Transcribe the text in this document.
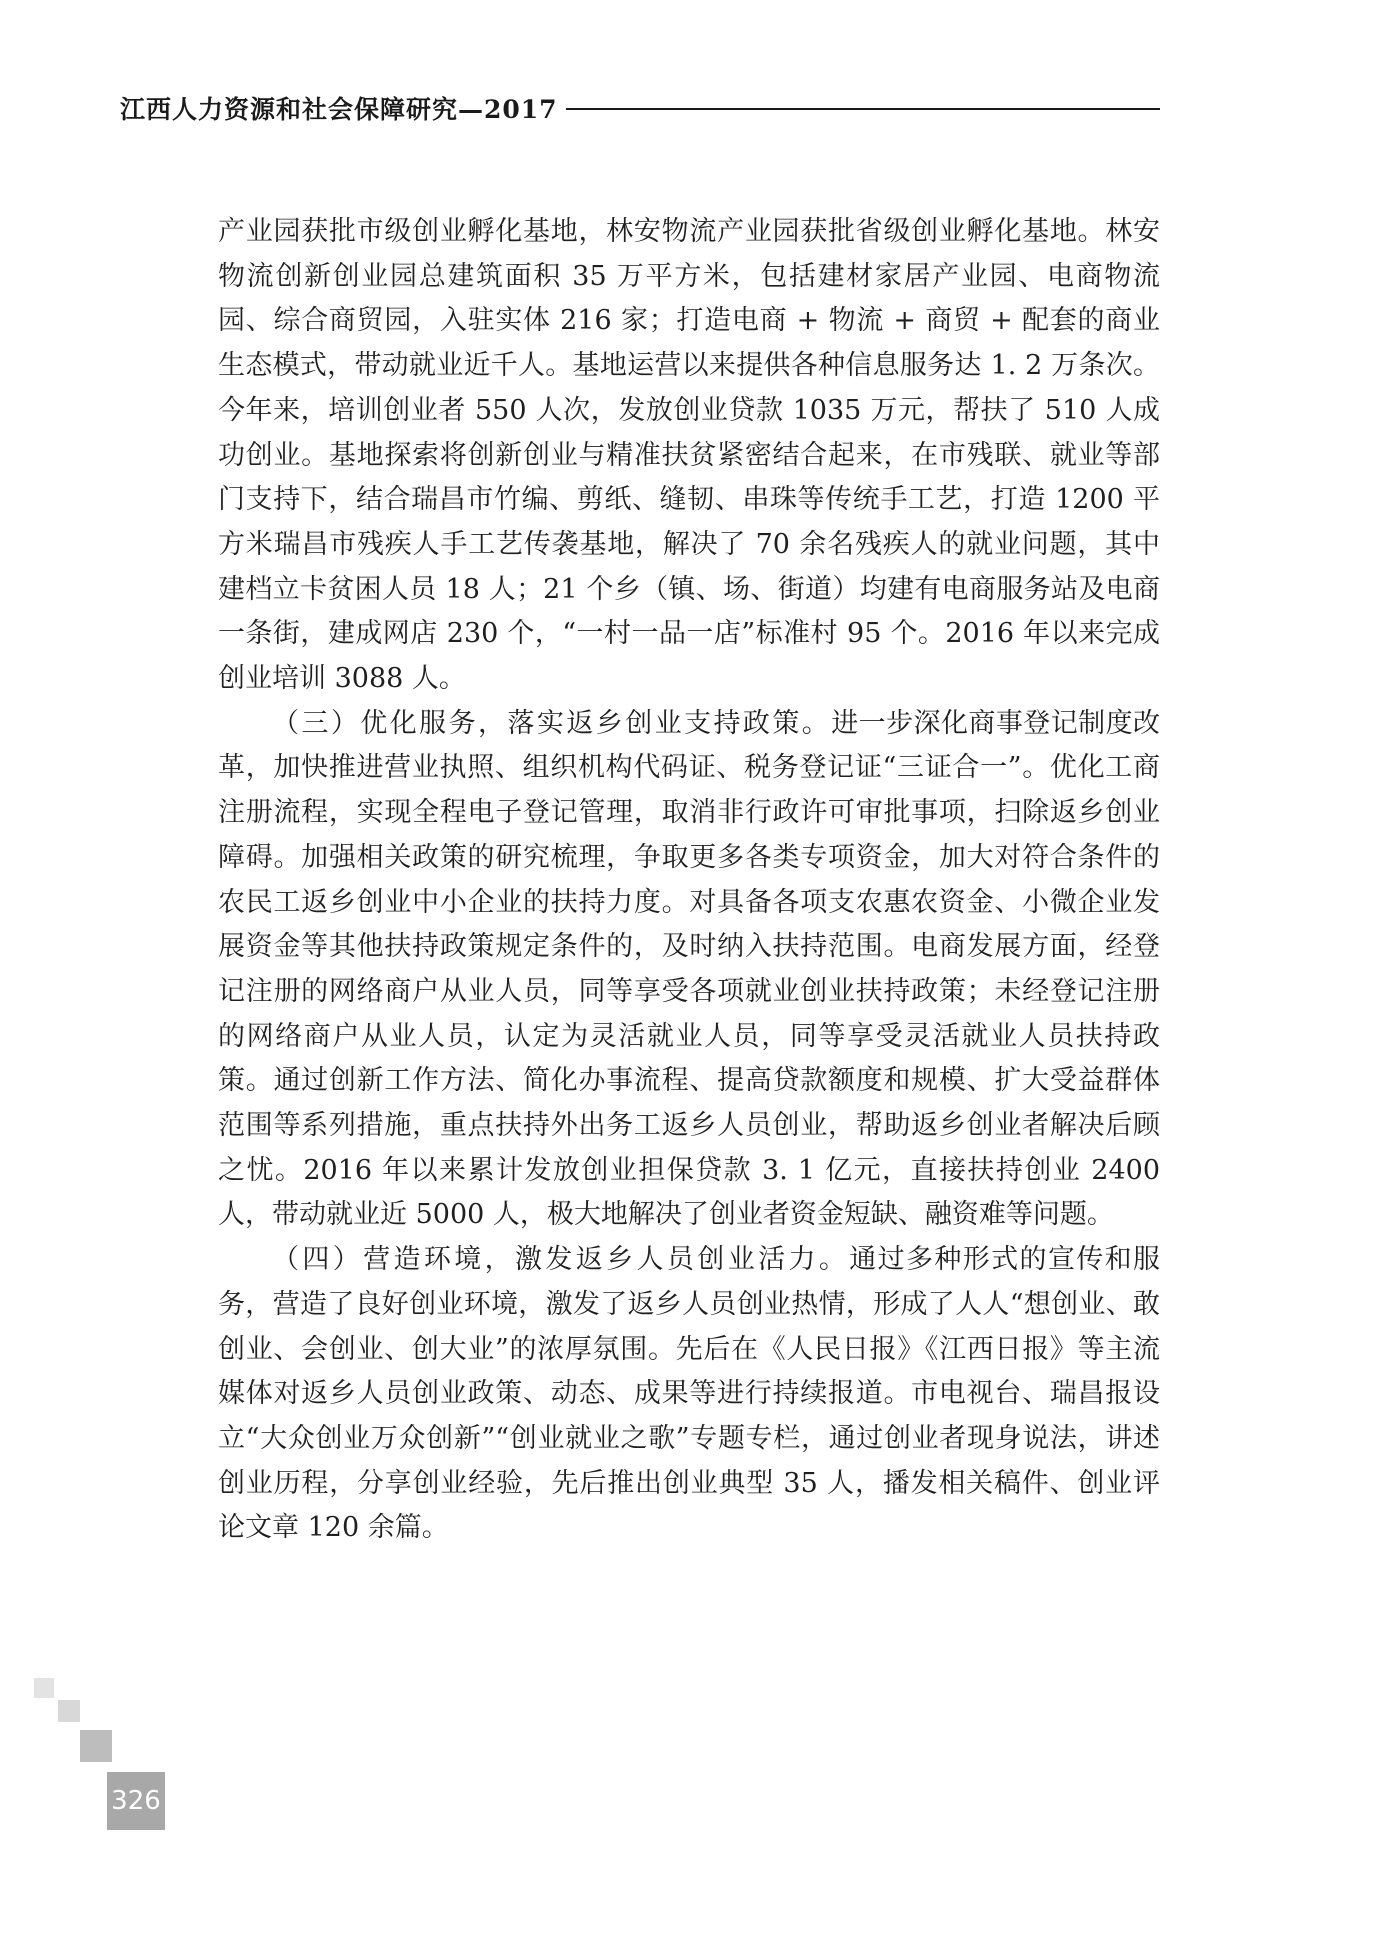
江西人力资源和社会保障研究—2017

产业园获批市级创业孵化基地，林安物流产业园获批省级创业孵化基地。林安物流创新创业园总建筑面积 35 万平方米，包括建材家居产业园、电商物流园、综合商贸园，入驻实体 216 家；打造电商 + 物流 + 商贸 + 配套的商业生态模式，带动就业近千人。基地运营以来提供各种信息服务达 1. 2 万条次。今年来，培训创业者 550 人次，发放创业贷款 1035 万元，帮扶了 510 人成功创业。基地探索将创新创业与精准扶贫紧密结合起来，在市残联、就业等部门支持下，结合瑞昌市竹编、剪纸、缝韧、串珠等传统手工艺，打造 1200 平方米瑞昌市残疾人手工艺传袭基地，解决了 70 余名残疾人的就业问题，其中建档立卡贫困人员 18 人；21 个乡（镇、场、街道）均建有电商服务站及电商一条街，建成网店 230 个，“一村一品一店”标准村 95 个。2016 年以来完成创业培训 3088 人。

（三）优化服务，落实返乡创业支持政策。进一步深化商事登记制度改革，加快推进营业执照、组织机构代码证、税务登记证“三证合一”。优化工商注册流程，实现全程电子登记管理，取消非行政许可审批事项，扫除返乡创业障碍。加强相关政策的研究梳理，争取更多各类专项资金，加大对符合条件的农民工返乡创业中小企业的扶持力度。对具备各项支农惠农资金、小微企业发展资金等其他扶持政策规定条件的，及时纳入扶持范围。电商发展方面，经登记注册的网络商户从业人员，同等享受各项就业创业扶持政策；未经登记注册的网络商户从业人员，认定为灵活就业人员，同等享受灵活就业人员扶持政策。通过创新工作方法、简化办事流程、提高贷款额度和规模、扩大受益群体范围等系列措施，重点扶持外出务工返乡人员创业，帮助返乡创业者解决后顾之忧。2016 年以来累计发放创业担保贷款 3. 1 亿元，直接扶持创业 2400 人，带动就业近 5000 人，极大地解决了创业者资金短缺、融资难等问题。

（四）营造环境，激发返乡人员创业活力。通过多种形式的宣传和服务，营造了良好创业环境，激发了返乡人员创业热情，形成了人人“想创业、敢创业、会创业、创大业”的浓厚氛围。先后在《人民日报》《江西日报》等主流媒体对返乡人员创业政策、动态、成果等进行持续报道。市电视台、瑞昌报设立“大众创业万众创新”“创业就业之歌”专题专栏，通过创业者现身说法，讲述创业历程，分享创业经验，先后推出创业典型 35 人，播发相关稿件、创业评论文章 120 余篇。

326
